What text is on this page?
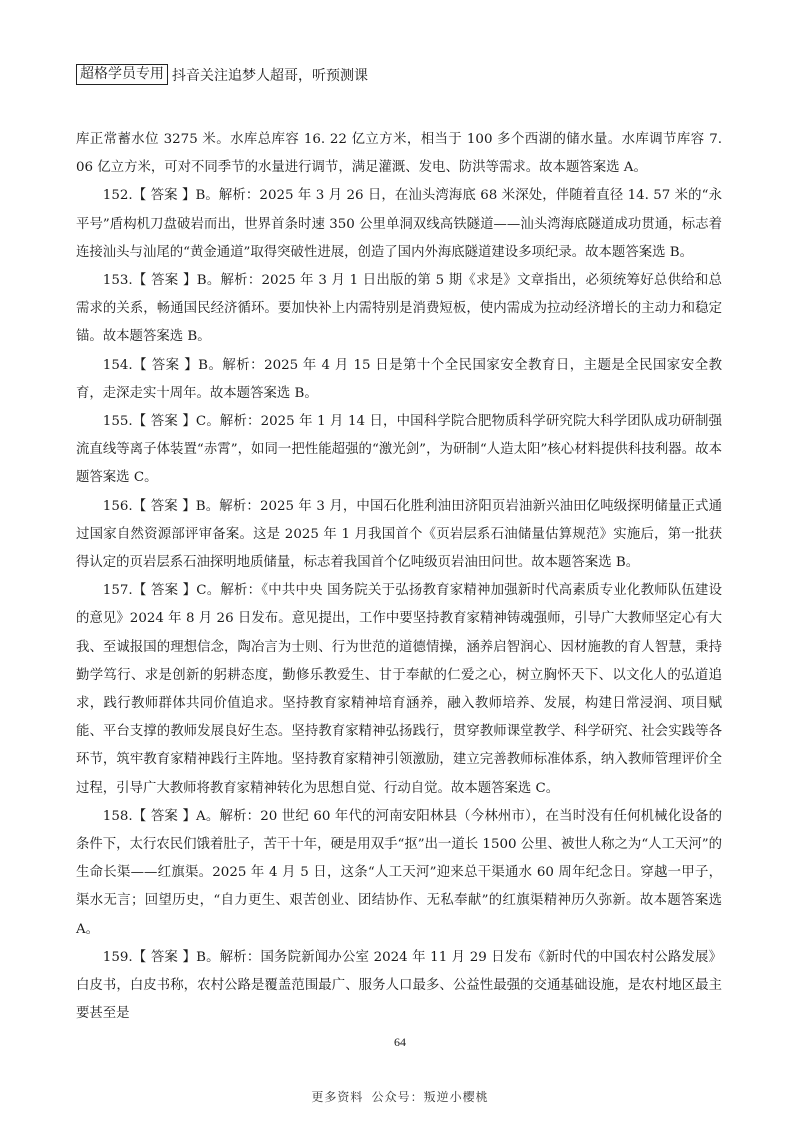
超格学员专用 抖音关注追梦人超哥，听预测课

库正常蓄水位 3275 米。水库总库容 16. 22 亿立方米，相当于 100 多个西湖的储水量。水库调节库容 7. 06 亿立方米，可对不同季节的水量进行调节，满足灌溉、发电、防洪等需求。故本题答案选 A。

152.【 答案 】B。解析：2025 年 3 月 26 日，在汕头湾海底 68 米深处，伴随着直径 14. 57 米的“永平号”盾构机刀盘破岩而出，世界首条时速 350 公里单洞双线高铁隧道——汕头湾海底隧道成功贯通，标志着连接汕头与汕尾的“黄金通道”取得突破性进展，创造了国内外海底隧道建设多项纪录。故本题答案选 B。

153.【 答案 】B。解析：2025 年 3 月 1 日出版的第 5 期《求是》文章指出，必须统筹好总供给和总需求的关系，畅通国民经济循环。要加快补上内需特别是消费短板，使内需成为拉动经济增长的主动力和稳定锚。故本题答案选 B。

154.【 答案 】B。解析：2025 年 4 月 15 日是第十个全民国家安全教育日，主题是全民国家安全教育，走深走实十周年。故本题答案选 B。

155.【 答案 】C。解析：2025 年 1 月 14 日，中国科学院合肥物质科学研究院大科学团队成功研制强流直线等离子体装置“赤霄”，如同一把性能超强的“激光剑”，为研制“人造太阳”核心材料提供科技利器。故本题答案选 C。

156.【 答案 】B。解析：2025 年 3 月，中国石化胜利油田济阳页岩油新兴油田亿吨级探明储量正式通过国家自然资源部评审备案。这是 2025 年 1 月我国首个《页岩层系石油储量估算规范》实施后，第一批获得认定的页岩层系石油探明地质储量，标志着我国首个亿吨级页岩油田问世。故本题答案选 B。

157.【 答案 】C。解析：《中共中央 国务院关于弘扬教育家精神加强新时代高素质专业化教师队伍建设的意见》2024 年 8 月 26 日发布。意见提出，工作中要坚持教育家精神铸魂强师，引导广大教师坚定心有大我、至诚报国的理想信念，陶冶言为士则、行为世范的道德情操，涵养启智润心、因材施教的育人智慧，秉持勤学笃行、求是创新的躬耕态度，勤修乐教爱生、甘于奉献的仁爱之心，树立胸怀天下、以文化人的弘道追求，践行教师群体共同价值追求。坚持教育家精神培育涵养，融入教师培养、发展，构建日常浸润、项目赋能、平台支撑的教师发展良好生态。坚持教育家精神弘扬践行，贯穿教师课堂教学、科学研究、社会实践等各环节，筑牢教育家精神践行主阵地。坚持教育家精神引领激励，建立完善教师标准体系，纳入教师管理评价全过程，引导广大教师将教育家精神转化为思想自觉、行动自觉。故本题答案选 C。

158.【 答案 】A。解析：20 世纪 60 年代的河南安阳林县（今林州市），在当时没有任何机械化设备的条件下，太行农民们饿着肚子，苦干十年，硬是用双手“抠”出一道长 1500 公里、被世人称之为“人工天河”的生命长渠——红旗渠。2025 年 4 月 5 日，这条“人工天河”迎来总干渠通水 60 周年纪念日。穿越一甲子，渠水无言；回望历史，“自力更生、艰苦创业、团结协作、无私奉献”的红旗渠精神历久弥新。故本题答案选 A。

159.【 答案 】B。解析：国务院新闻办公室 2024 年 11 月 29 日发布《新时代的中国农村公路发展》白皮书，白皮书称，农村公路是覆盖范围最广、服务人口最多、公益性最强的交通基础设施，是农村地区最主要甚至是

64
更多资料 公众号：叛逆小樱桃
